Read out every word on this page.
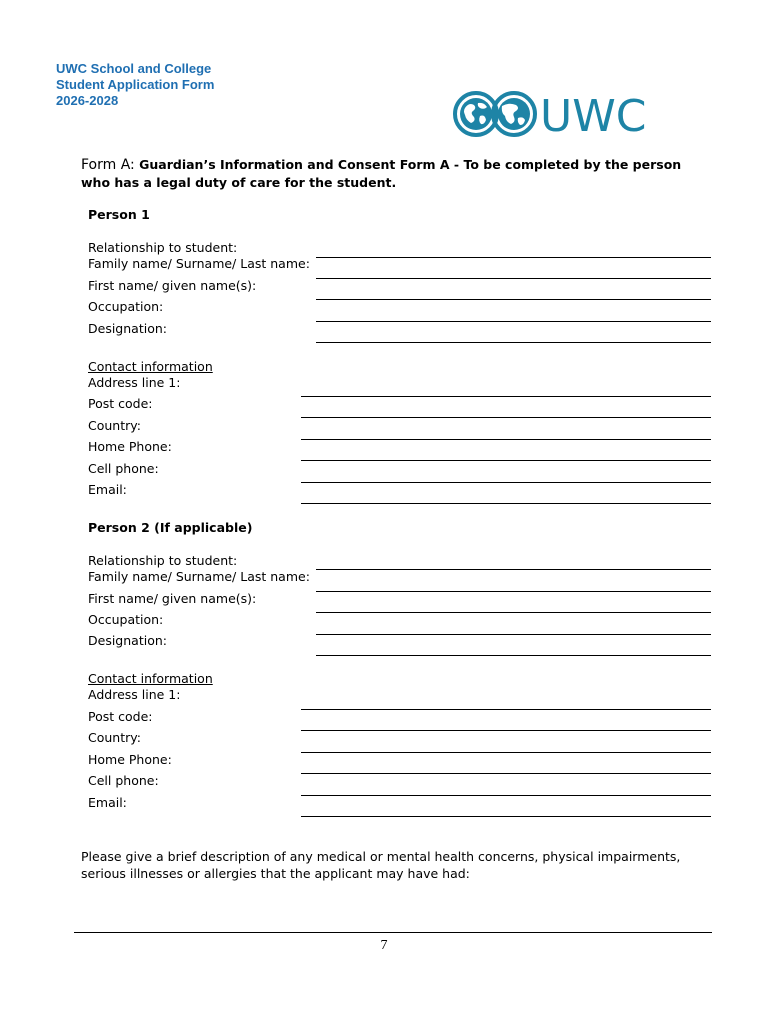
UWC School and College
Student Application Form
2026-2028	UWC
Form A: Guardian’s Information and Consent Form A - To be completed by the person who has a legal duty of care for the student.
Person 1
Relationship to student:
Family name/ Surname/ Last name:
First name/ given name(s):
Occupation:
Designation:
Contact information
Address line 1:
Post code:
Country:
Home Phone:
Cell phone:
Email:
Person 2 (If applicable)
Relationship to student:
Family name/ Surname/ Last name:
First name/ given name(s):
Occupation:
Designation:
Contact information
Address line 1:
Post code:
Country:
Home Phone:
Cell phone:
Email:
Please give a brief description of any medical or mental health concerns, physical impairments,
serious illnesses or allergies that the applicant may have had:
7
